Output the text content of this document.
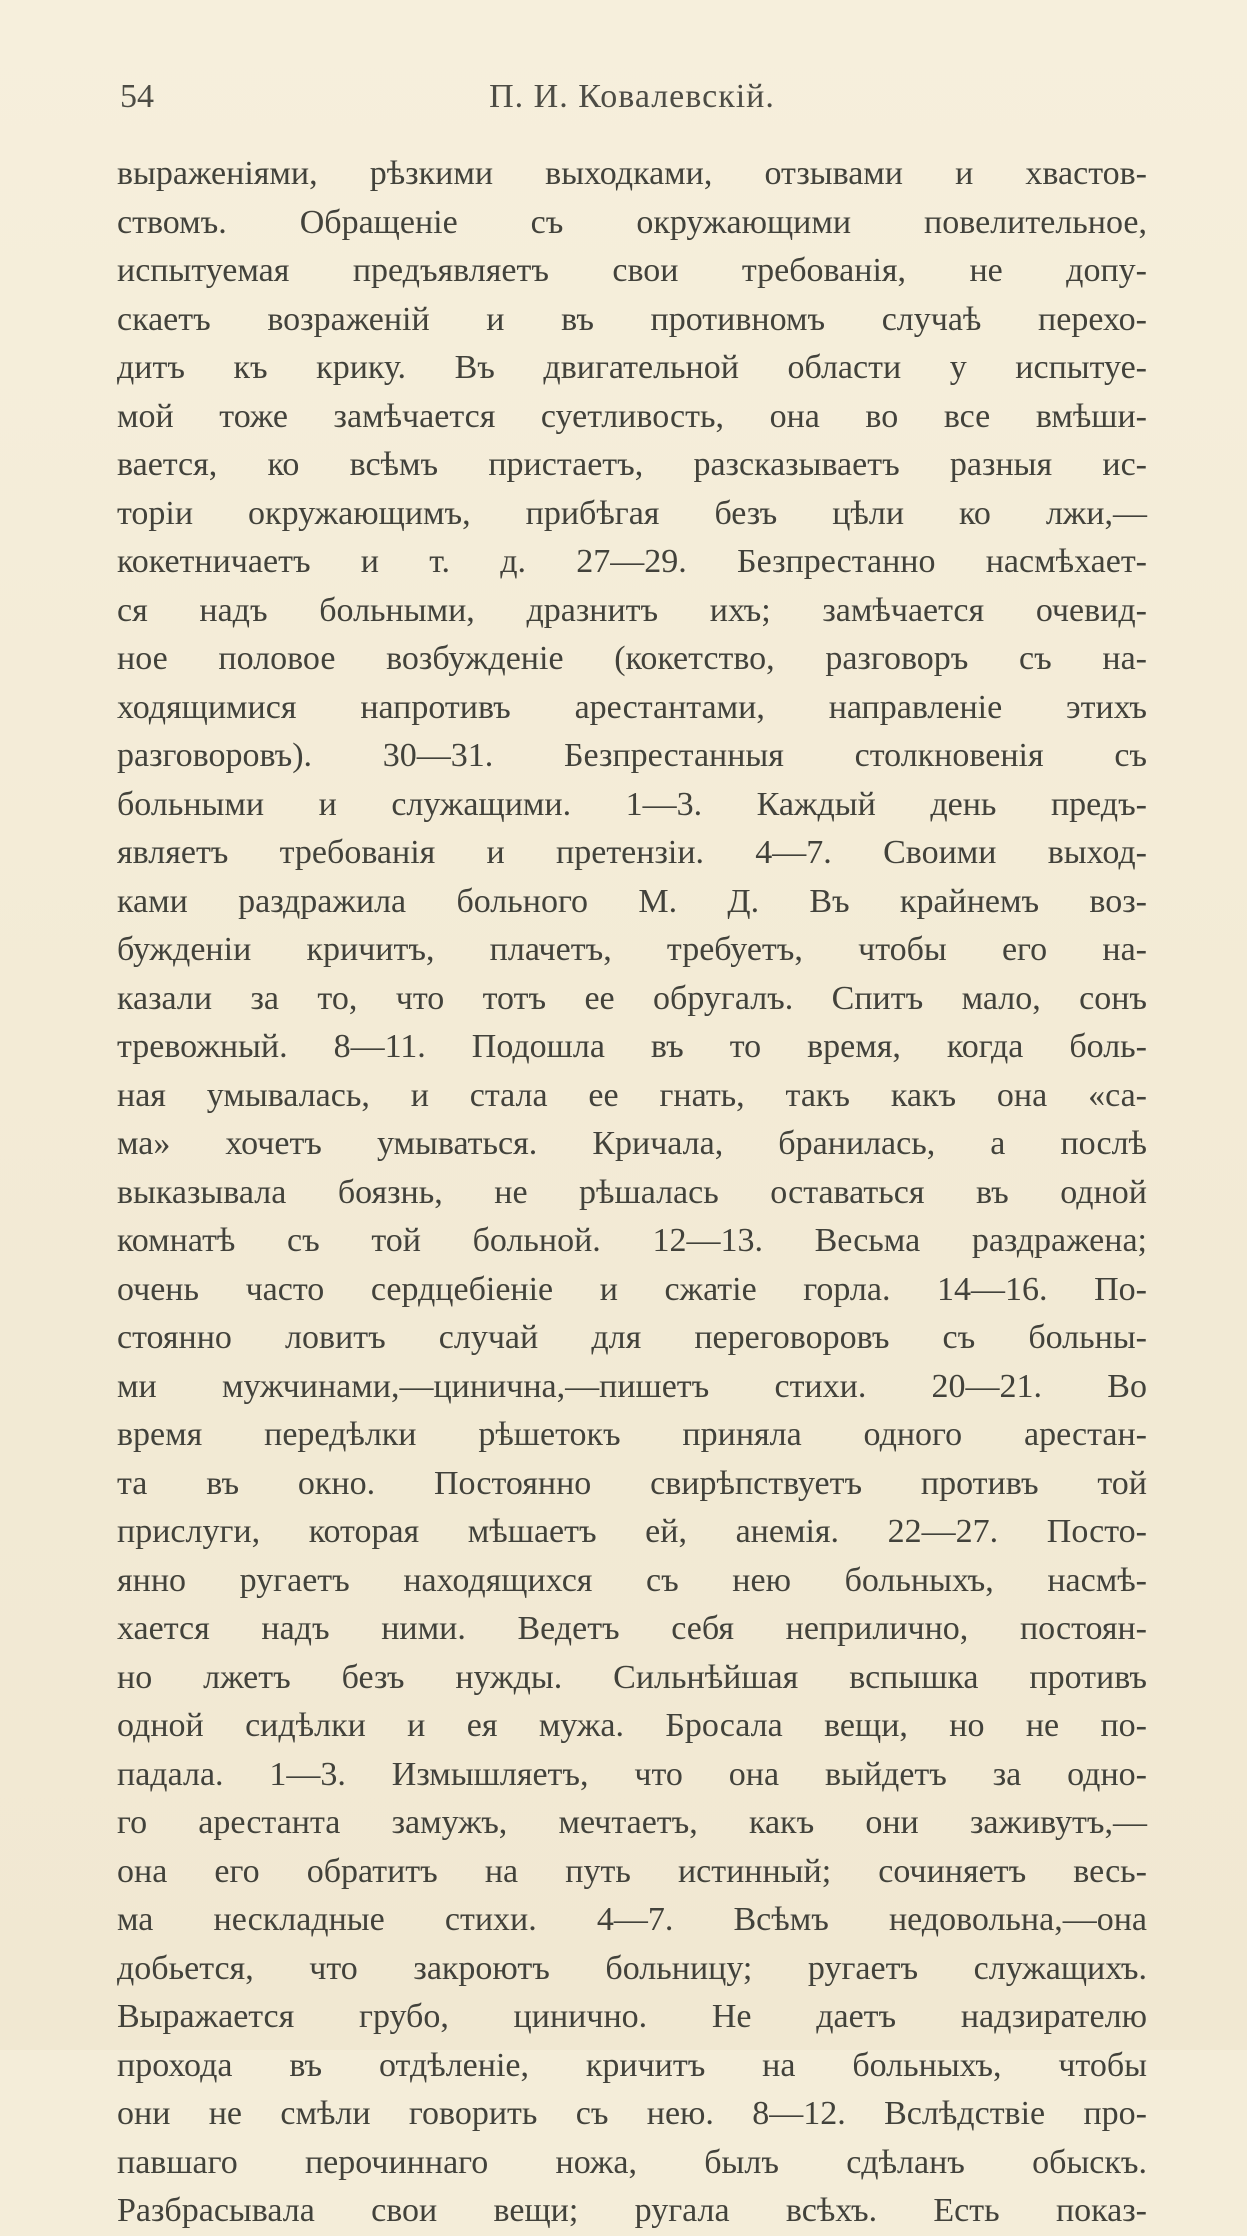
54	П. И. Ковалевскій.
выраженіями, рѣзкими выходками, отзывами и хвастов-
ствомъ. Обращеніе съ окружающими повелительное,
испытуемая предъявляетъ свои требованія, не допу-
скаетъ возраженій и въ противномъ случаѣ перехо-
дитъ къ крику. Въ двигательной области у испытуе-
мой тоже замѣчается суетливость, она во все вмѣши-
вается, ко всѣмъ пристаетъ, разсказываетъ разныя ис-
торіи окружающимъ, прибѣгая безъ цѣли ко лжи,—
кокетничаетъ и т. д. 27—29. Безпрестанно насмѣхает-
ся надъ больными, дразнитъ ихъ; замѣчается очевид-
ное половое возбужденіе (кокетство, разговоръ съ на-
ходящимися напротивъ арестантами, направленіе этихъ
разговоровъ). 30—31. Безпрестанныя столкновенія съ
больными и служащими. 1—3. Каждый день предъ-
являетъ требованія и претензіи. 4—7. Своими выход-
ками раздражила больного М. Д. Въ крайнемъ воз-
бужденіи кричитъ, плачетъ, требуетъ, чтобы его на-
казали за то, что тотъ ее обругалъ. Спитъ мало, сонъ
тревожный. 8—11. Подошла въ то время, когда боль-
ная умывалась, и стала ее гнать, такъ какъ она «са-
ма» хочетъ умываться. Кричала, бранилась, а послѣ
выказывала боязнь, не рѣшалась оставаться въ одной
комнатѣ съ той больной. 12—13. Весьма раздражена;
очень часто сердцебіеніе и сжатіе горла. 14—16. По-
стоянно ловитъ случай для переговоровъ съ больны-
ми мужчинами,—цинична,—пишетъ стихи. 20—21. Во
время передѣлки рѣшетокъ приняла одного арестан-
та въ окно. Постоянно свирѣпствуетъ противъ той
прислуги, которая мѣшаетъ ей, анемія. 22—27. Посто-
янно ругаетъ находящихся съ нею больныхъ, насмѣ-
хается надъ ними. Ведетъ себя неприлично, постоян-
но лжетъ безъ нужды. Сильнѣйшая вспышка противъ
одной сидѣлки и ея мужа. Бросала вещи, но не по-
падала. 1—3. Измышляетъ, что она выйдетъ за одно-
го арестанта замужъ, мечтаетъ, какъ они заживутъ,—
она его обратитъ на путь истинный; сочиняетъ весь-
ма нескладные стихи. 4—7. Всѣмъ недовольна,—она
добьется, что закроютъ больницу; ругаетъ служащихъ.
Выражается грубо, цинично. Не даетъ надзирателю
прохода въ отдѣленіе, кричитъ на больныхъ, чтобы
они не смѣли говорить съ нею. 8—12. Вслѣдствіе про-
павшаго перочиннаго ножа, былъ сдѣланъ обыскъ.
Разбрасывала свои вещи; ругала всѣхъ. Есть показ-
